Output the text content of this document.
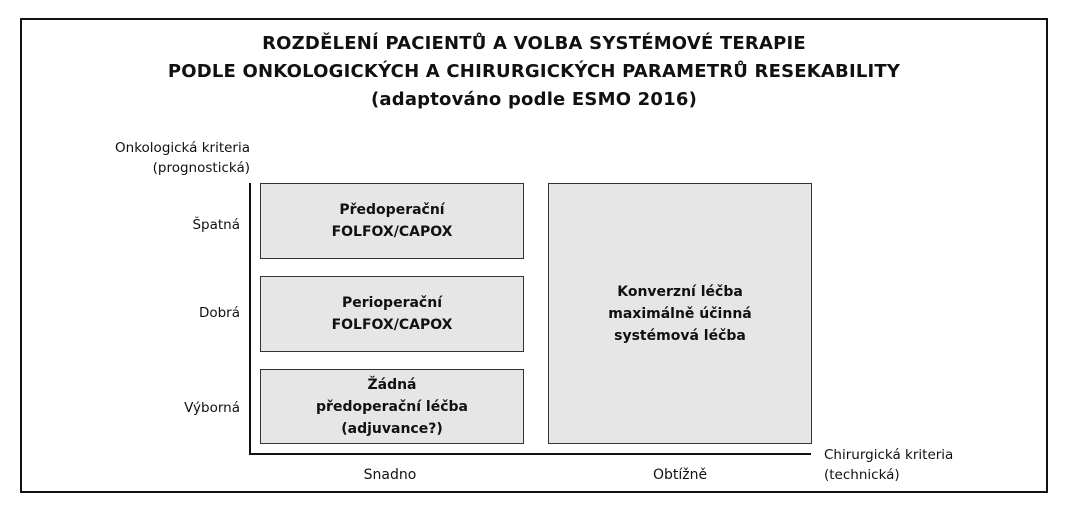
ROZDĚLENÍ PACIENTŮ A VOLBA SYSTÉMOVÉ TERAPIE
PODLE ONKOLOGICKÝCH A CHIRURGICKÝCH PARAMETRŮ RESEKABILITY
(adaptováno podle ESMO 2016)
Onkologická kriteria
(prognostická)
Špatná
Dobrá
Výborná
Předoperační
FOLFOX/CAPOX
Perioperační
FOLFOX/CAPOX
Žádná
předoperační léčba
(adjuvance?)
Konverzní léčba
maximálně účinná
systémová léčba
Snadno	Obtížně
Chirurgická kriteria
(technická)
